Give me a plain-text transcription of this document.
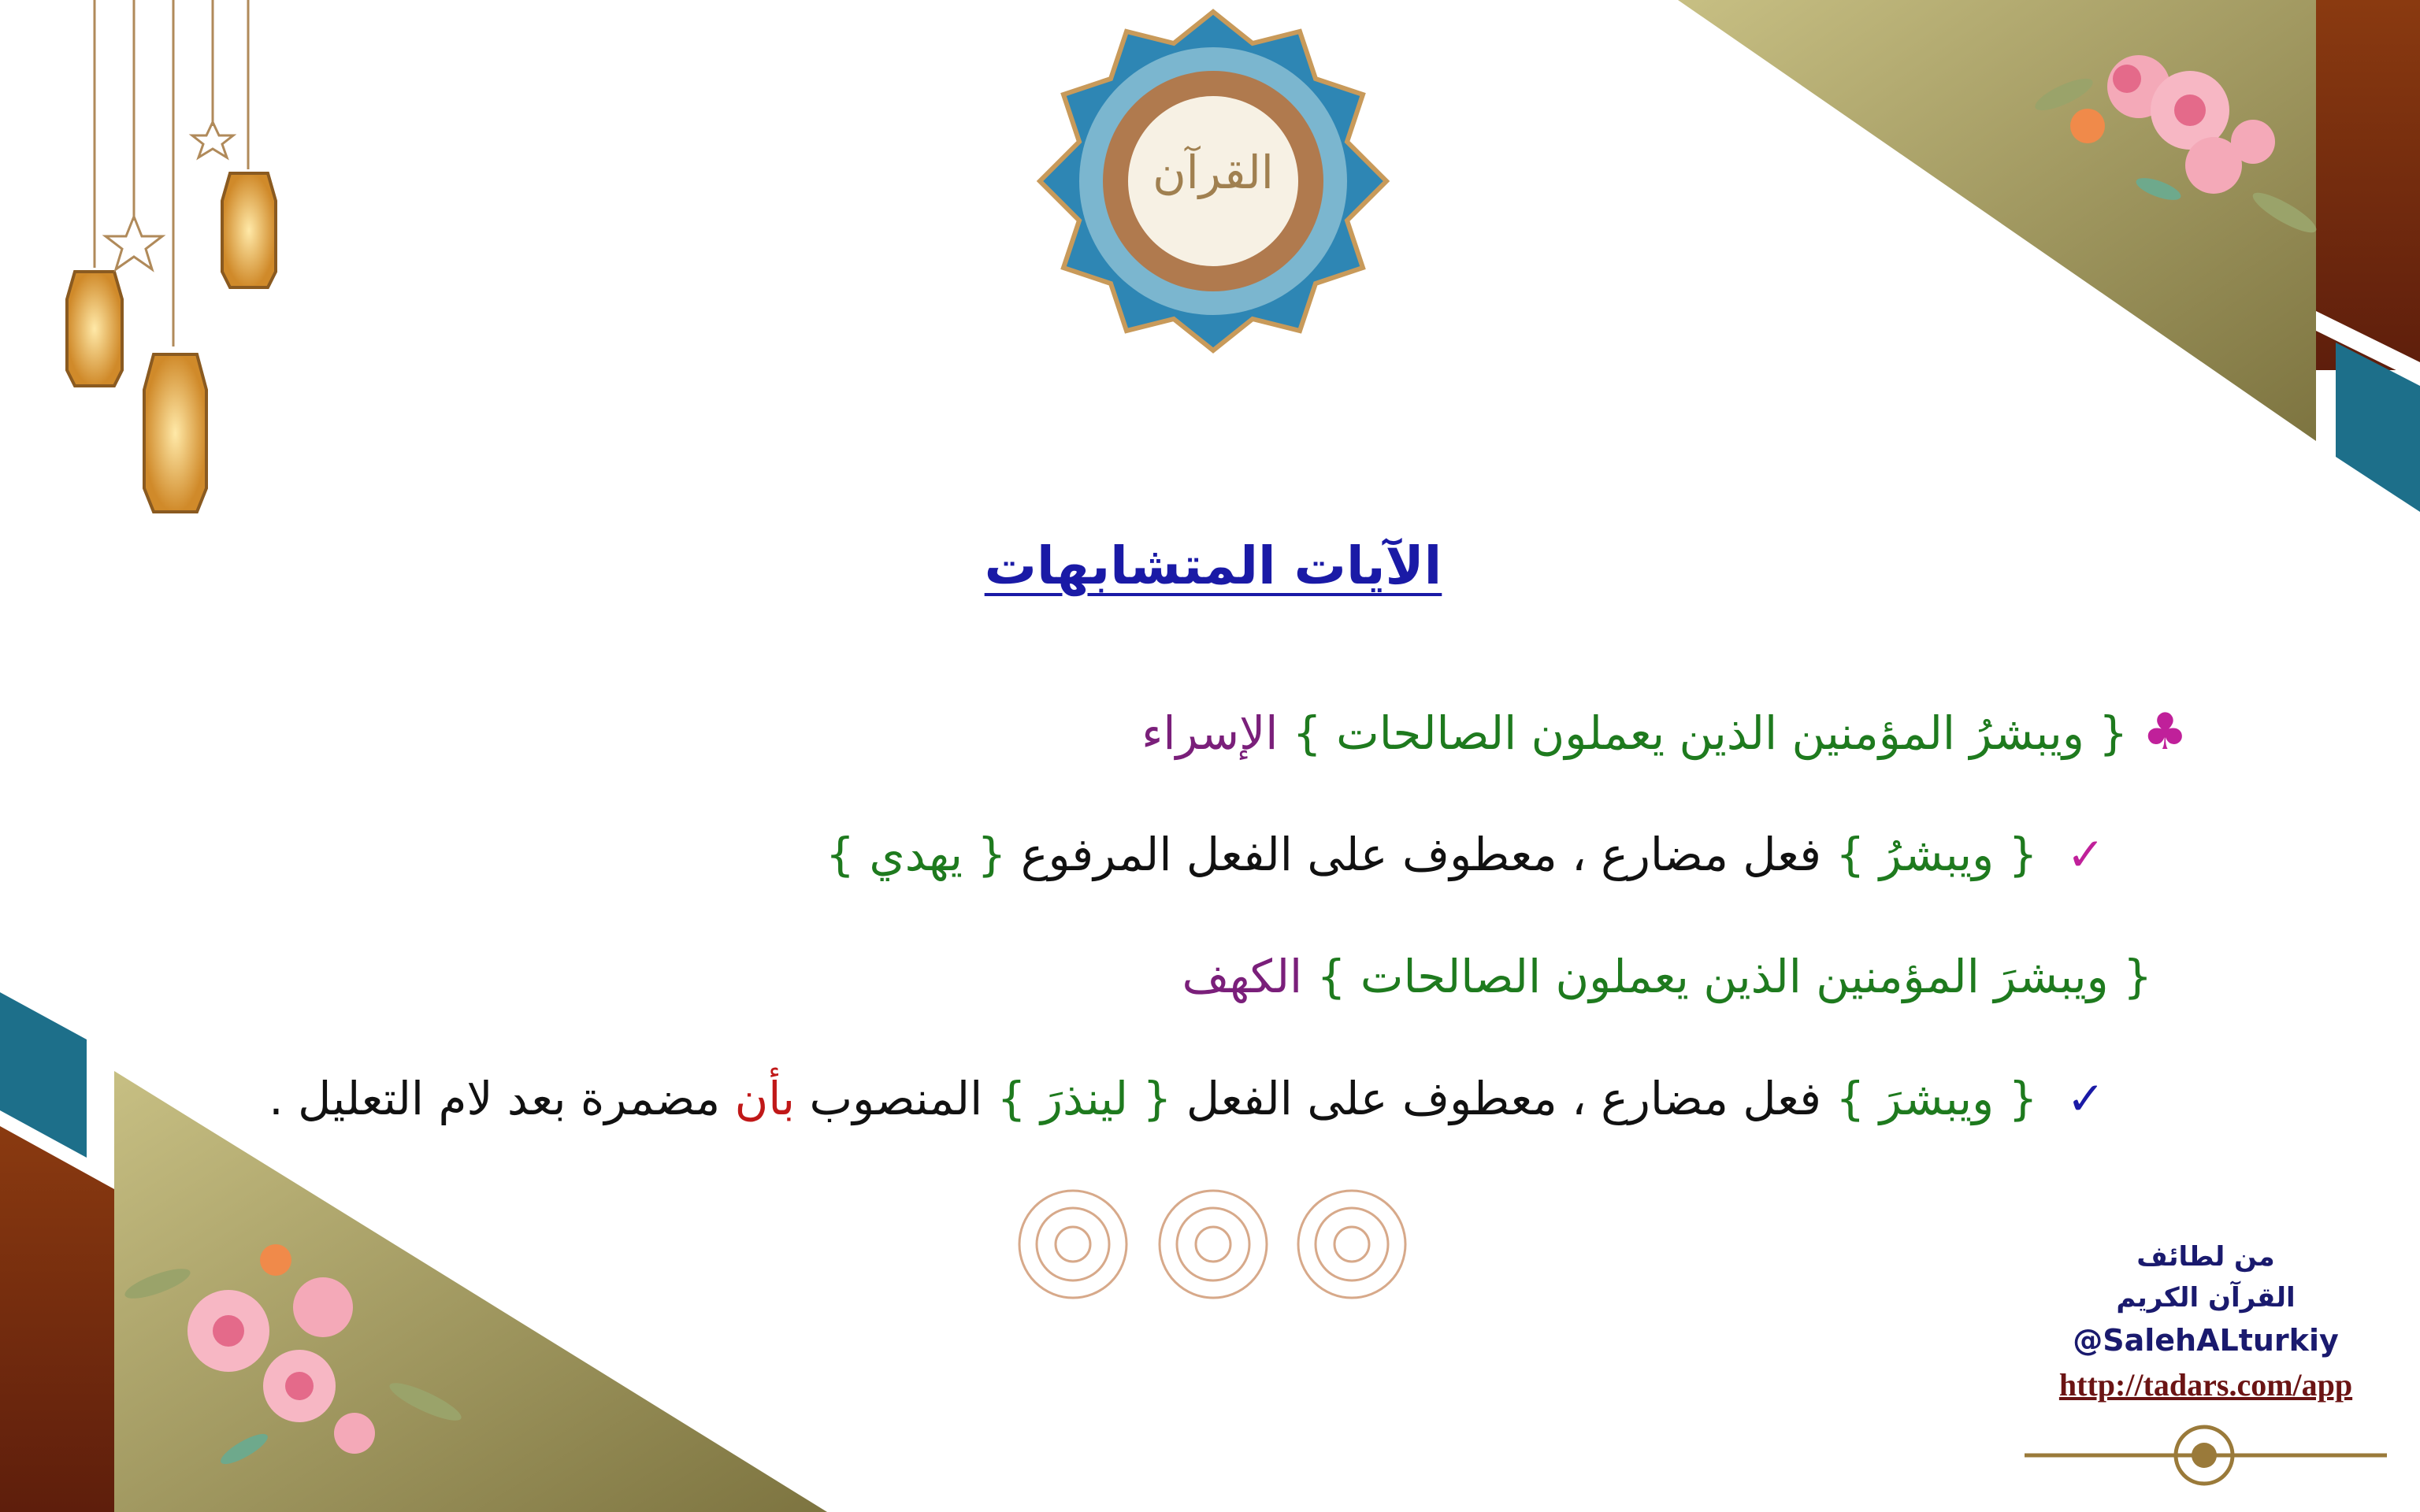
القرآن
الآيات المتشابهات
♣ { ويبشرُ المؤمنين الذين يعملون الصالحات } الإسراء
✓  { ويبشرُ } فعل مضارع ، معطوف على الفعل المرفوع { يهدي }
{ ويبشرَ المؤمنين الذين يعملون الصالحات } الكهف
✓  { ويبشرَ } فعل مضارع ، معطوف على الفعل { لينذرَ } المنصوب بأن مضمرة بعد لام التعليل .
من لطائف
القرآن الكريم
@SalehALturkiy
http://tadars.com/app
